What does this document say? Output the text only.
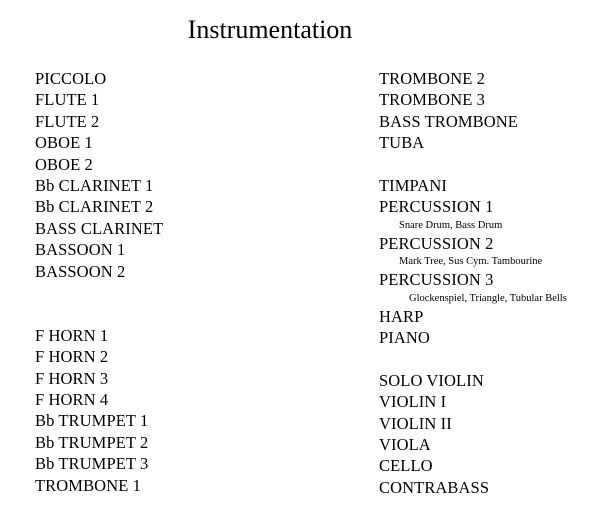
Instrumentation
PICCOLO
FLUTE 1
FLUTE 2
OBOE 1
OBOE 2
Bb CLARINET 1
Bb CLARINET 2
BASS CLARINET
BASSOON 1
BASSOON 2
F HORN 1
F HORN 2
F HORN 3
F HORN 4
Bb TRUMPET 1
Bb TRUMPET 2
Bb TRUMPET 3
TROMBONE 1
TROMBONE 2
TROMBONE 3
BASS TROMBONE
TUBA
TIMPANI
PERCUSSION 1
Snare Drum, Bass Drum
PERCUSSION 2
Mark Tree, Sus Cym. Tambourine
PERCUSSION 3
Glockenspiel, Triangle, Tubular Bells
HARP
PIANO
SOLO VIOLIN
VIOLIN I
VIOLIN II
VIOLA
CELLO
CONTRABASS
